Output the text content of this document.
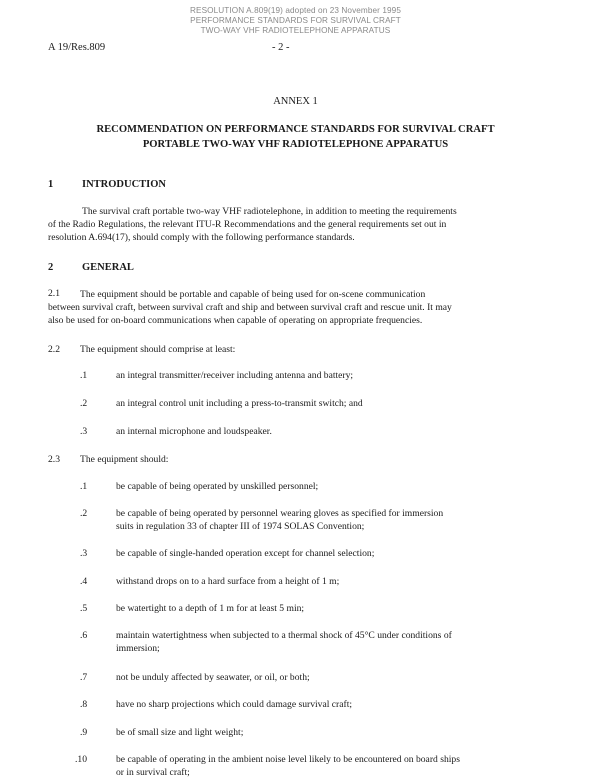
RESOLUTION A.809(19) adopted on 23 November 1995
PERFORMANCE STANDARDS FOR SURVIVAL CRAFT
TWO-WAY VHF RADIOTELEPHONE APPARATUS
A 19/Res.809	- 2 -
ANNEX 1
RECOMMENDATION ON PERFORMANCE STANDARDS FOR SURVIVAL CRAFT
PORTABLE TWO-WAY VHF RADIOTELEPHONE APPARATUS
1	INTRODUCTION
The survival craft portable two-way VHF radiotelephone, in addition to meeting the requirements
of the Radio Regulations, the relevant ITU-R Recommendations and the general requirements set out in
resolution A.694(17), should comply with the following performance standards.
2	GENERAL
2.1 The equipment should be portable and capable of being used for on-scene communication
between survival craft, between survival craft and ship and between survival craft and rescue unit. It may
also be used for on-board communications when capable of operating on appropriate frequencies.
2.2 The equipment should comprise at least:
.1	an integral transmitter/receiver including antenna and battery;
.2	an integral control unit including a press-to-transmit switch; and
.3	an internal microphone and loudspeaker.
2.3 The equipment should:
.1	be capable of being operated by unskilled personnel;
.2	be capable of being operated by personnel wearing gloves as specified for immersion
suits in regulation 33 of chapter III of 1974 SOLAS Convention;
.3	be capable of single-handed operation except for channel selection;
.4	withstand drops on to a hard surface from a height of 1 m;
.5	be watertight to a depth of 1 m for at least 5 min;
.6	maintain watertightness when subjected to a thermal shock of 45°C under conditions of
immersion;
.7	not be unduly affected by seawater, or oil, or both;
.8	have no sharp projections which could damage survival craft;
.9	be of small size and light weight;
.10	be capable of operating in the ambient noise level likely to be encountered on board ships
or in survival craft;
